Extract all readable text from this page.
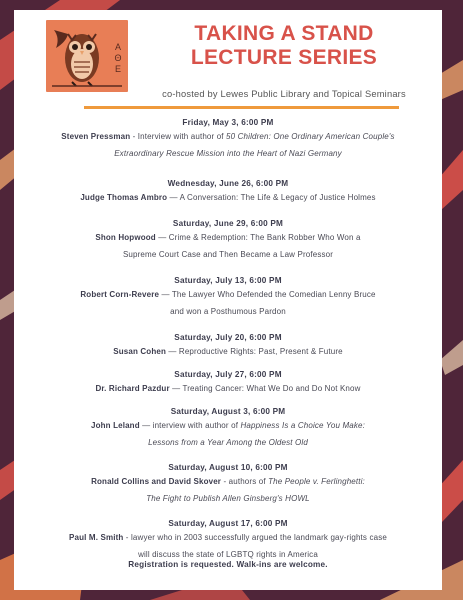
ΑΘΕ
TAKING A STAND
LECTURE SERIES
co-hosted by Lewes Public Library and Topical Seminars
Friday, May 3, 6:00 PM
Steven Pressman - Interview with author of 50 Children: One Ordinary American Couple's
Extraordinary Rescue Mission into the Heart of Nazi Germany
Wednesday, June 26, 6:00 PM
Judge Thomas Ambro — A Conversation: The Life & Legacy of Justice Holmes
Saturday, June 29, 6:00 PM
Shon Hopwood — Crime & Redemption: The Bank Robber Who Won a
Supreme Court Case and Then Became a Law Professor
Saturday, July 13, 6:00 PM
Robert Corn-Revere — The Lawyer Who Defended the Comedian Lenny Bruce
and won a Posthumous Pardon
Saturday, July 20, 6:00 PM
Susan Cohen — Reproductive Rights: Past, Present & Future
Saturday, July 27, 6:00 PM
Dr. Richard Pazdur — Treating Cancer: What We Do and Do Not Know
Saturday, August 3, 6:00 PM
John Leland — interview with author of Happiness Is a Choice You Make:
Lessons from a Year Among the Oldest Old
Saturday, August 10, 6:00 PM
Ronald Collins and David Skover - authors of The People v. Ferlinghetti:
The Fight to Publish Allen Ginsberg's HOWL
Saturday, August 17, 6:00 PM
Paul M. Smith - lawyer who in 2003 successfully argued the landmark gay-rights case
will discuss the state of LGBTQ rights in America
Registration is requested. Walk-ins are welcome.
